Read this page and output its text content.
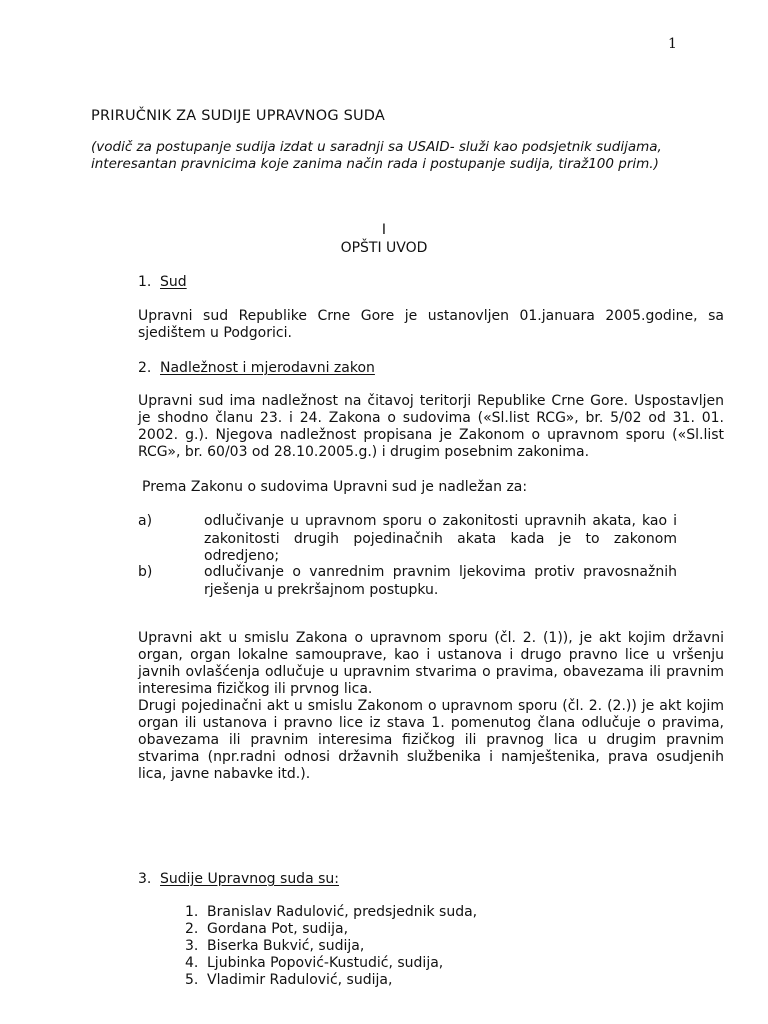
1
PRIRUČNIK ZA SUDIJE UPRAVNOG SUDA
(vodič za postupanje sudija izdat u saradnji sa USAID- služi kao podsjetnik sudijama, interesantan pravnicima koje zanima način rada i postupanje sudija, tiraž100 prim.)
I
OPŠTI UVOD
1. Sud
Upravni sud Republike Crne Gore je ustanovljen 01.januara 2005.godine, sa sjedištem u Podgorici.
2. Nadležnost i mjerodavni zakon
Upravni sud ima nadležnost na čitavoj teritorji Republike Crne Gore. Uspostavljen je shodno članu 23. i 24. Zakona o sudovima («Sl.list RCG», br. 5/02 od 31. 01. 2002. g.). Njegova nadležnost propisana je Zakonom o upravnom sporu («Sl.list RCG», br. 60/03 od 28.10.2005.g.) i drugim posebnim zakonima.
Prema Zakonu o sudovima Upravni sud je nadležan za:
a)	odlučivanje u upravnom sporu o zakonitosti upravnih akata, kao i zakonitosti drugih pojedinačnih akata kada je to zakonom odredjeno;
b)	odlučivanje o vanrednim pravnim ljekovima protiv pravosnažnih rješenja u prekršajnom postupku.
Upravni akt u smislu Zakona o upravnom sporu (čl. 2. (1)), je akt kojim državni organ, organ lokalne samouprave, kao i ustanova i drugo pravno lice u vršenju javnih ovlašćenja odlučuje u upravnim stvarima o pravima, obavezama ili pravnim interesima fizičkog ili prvnog lica.
Drugi pojedinačni akt u smislu Zakonom o upravnom sporu (čl. 2. (2.)) je akt kojim organ ili ustanova i pravno lice iz stava 1. pomenutog člana odlučuje o pravima, obavezama ili pravnim interesima fizičkog ili pravnog lica u drugim pravnim stvarima (npr.radni odnosi državnih službenika i namještenika, prava osudjenih lica, javne nabavke itd.).
3. Sudije Upravnog suda su:
1. Branislav Radulović, predsjednik suda,
2. Gordana Pot, sudija,
3. Biserka Bukvić, sudija,
4. Ljubinka Popović-Kustudić, sudija,
5. Vladimir Radulović, sudija,
